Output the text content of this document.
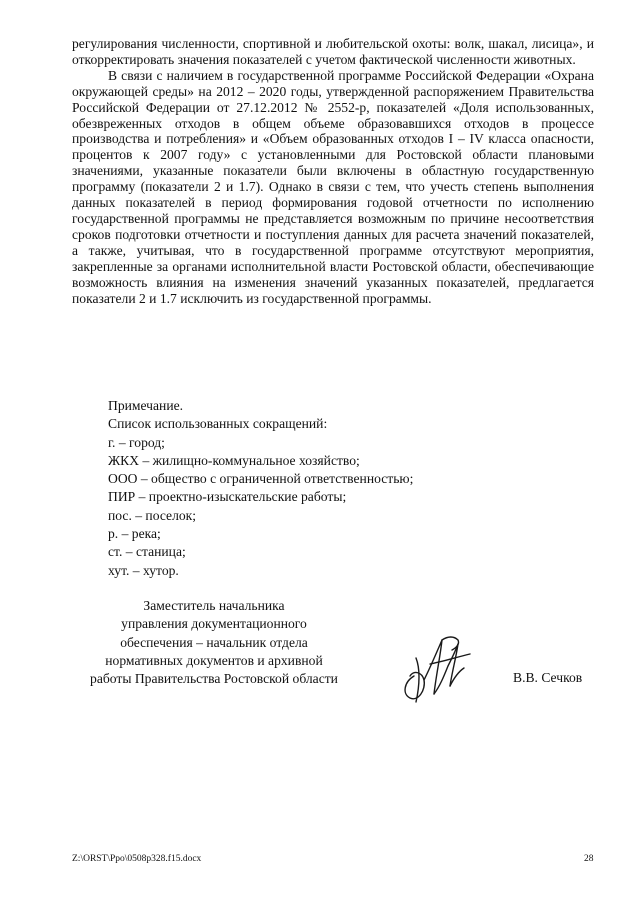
регулирования численности, спортивной и любительской охоты: волк, шакал, лисица», и откорректировать значения показателей с учетом фактической численности животных.

В связи с наличием в государственной программе Российской Федерации «Охрана окружающей среды» на 2012 – 2020 годы, утвержденной распоряжением Правительства Российской Федерации от 27.12.2012 № 2552-р, показателей «Доля использованных, обезвреженных отходов в общем объеме образовавшихся отходов в процессе производства и потребления» и «Объем образованных отходов I – IV класса опасности, процентов к 2007 году» с установленными для Ростовской области плановыми значениями, указанные показатели были включены в областную государственную программу (показатели 2 и 1.7). Однако в связи с тем, что учесть степень выполнения данных показателей в период формирования годовой отчетности по исполнению государственной программы не представляется возможным по причине несоответствия сроков подготовки отчетности и поступления данных для расчета значений показателей, а также, учитывая, что в государственной программе отсутствуют мероприятия, закрепленные за органами исполнительной власти Ростовской области, обеспечивающие возможность влияния на изменения значений указанных показателей, предлагается показатели 2 и 1.7 исключить из государственной программы.

Примечание.
Список использованных сокращений:
г. – город;
ЖКХ – жилищно-коммунальное хозяйство;
ООО – общество с ограниченной ответственностью;
ПИР – проектно-изыскательские работы;
пос. – поселок;
р. – река;
ст. – станица;
хут. – хутор.
Заместитель начальника
управления документационного
обеспечения – начальник отдела
нормативных документов и архивной
работы Правительства Ростовской области	В.В. Сечков
Z:\ORST\Ppo\0508p328.f15.docx	28
